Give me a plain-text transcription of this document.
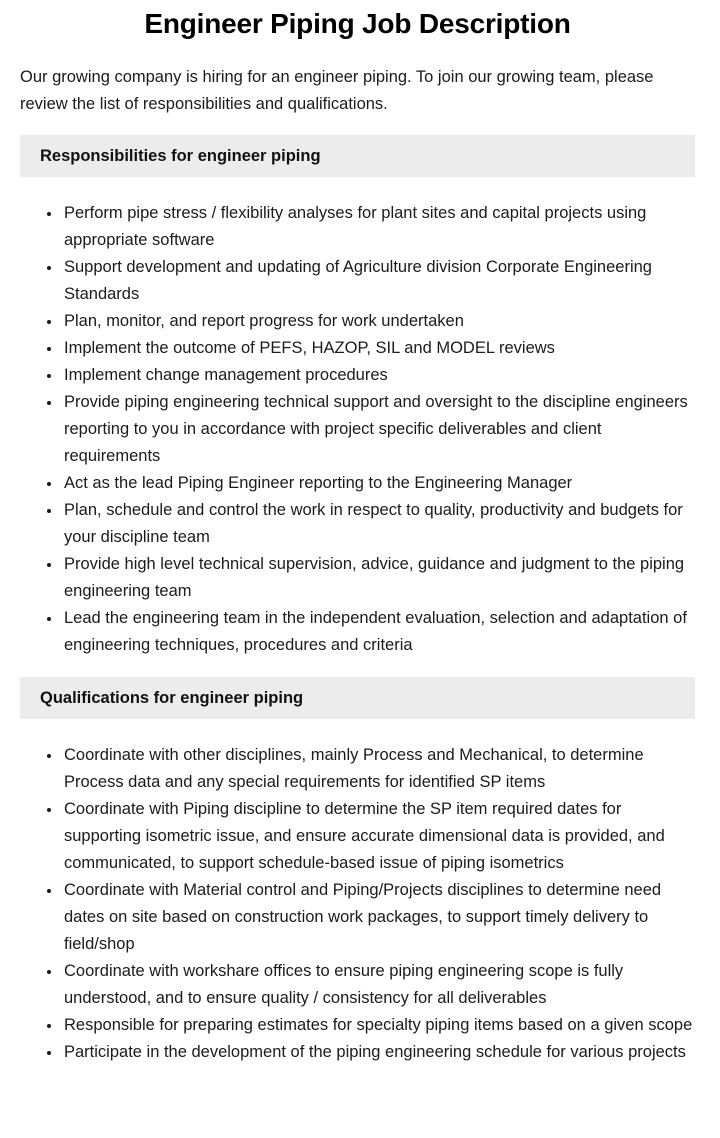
Engineer Piping Job Description

Our growing company is hiring for an engineer piping. To join our growing team, please review the list of responsibilities and qualifications.

Responsibilities for engineer piping
• Perform pipe stress / flexibility analyses for plant sites and capital projects using appropriate software
• Support development and updating of Agriculture division Corporate Engineering Standards
• Plan, monitor, and report progress for work undertaken
• Implement the outcome of PEFS, HAZOP, SIL and MODEL reviews
• Implement change management procedures
• Provide piping engineering technical support and oversight to the discipline engineers reporting to you in accordance with project specific deliverables and client requirements
• Act as the lead Piping Engineer reporting to the Engineering Manager
• Plan, schedule and control the work in respect to quality, productivity and budgets for your discipline team
• Provide high level technical supervision, advice, guidance and judgment to the piping engineering team
• Lead the engineering team in the independent evaluation, selection and adaptation of engineering techniques, procedures and criteria
Qualifications for engineer piping
• Coordinate with other disciplines, mainly Process and Mechanical, to determine Process data and any special requirements for identified SP items
• Coordinate with Piping discipline to determine the SP item required dates for supporting isometric issue, and ensure accurate dimensional data is provided, and communicated, to support schedule-based issue of piping isometrics
• Coordinate with Material control and Piping/Projects disciplines to determine need dates on site based on construction work packages, to support timely delivery to field/shop
• Coordinate with workshare offices to ensure piping engineering scope is fully understood, and to ensure quality / consistency for all deliverables
• Responsible for preparing estimates for specialty piping items based on a given scope
• Participate in the development of the piping engineering schedule for various projects
